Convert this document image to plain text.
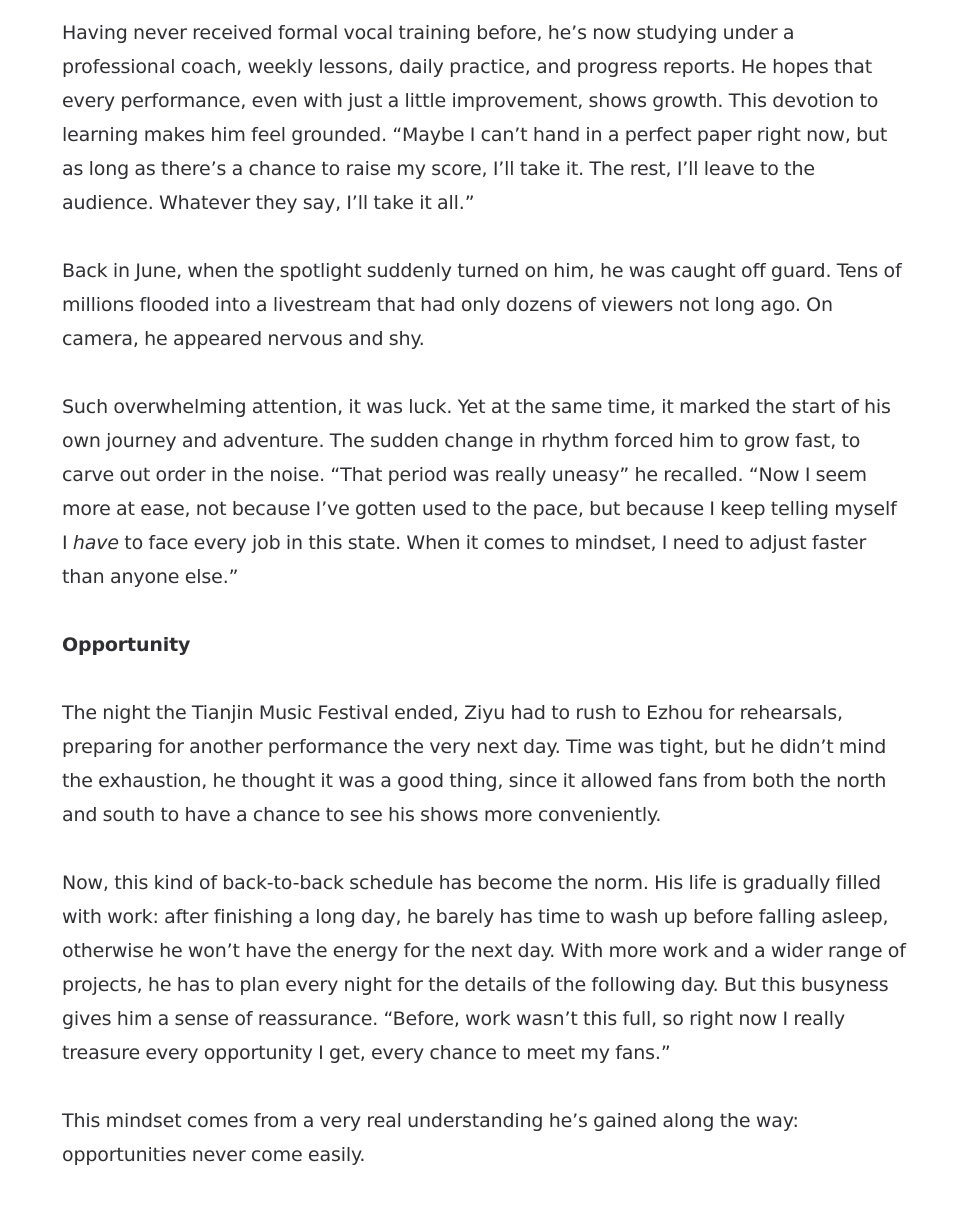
Having never received formal vocal training before, he’s now studying under a professional coach, weekly lessons, daily practice, and progress reports. He hopes that every performance, even with just a little improvement, shows growth. This devotion to learning makes him feel grounded. “Maybe I can’t hand in a perfect paper right now, but as long as there’s a chance to raise my score, I’ll take it. The rest, I’ll leave to the audience. Whatever they say, I’ll take it all.”

Back in June, when the spotlight suddenly turned on him, he was caught off guard. Tens of millions flooded into a livestream that had only dozens of viewers not long ago. On camera, he appeared nervous and shy.

Such overwhelming attention, it was luck. Yet at the same time, it marked the start of his own journey and adventure. The sudden change in rhythm forced him to grow fast, to carve out order in the noise. “That period was really uneasy” he recalled. “Now I seem more at ease, not because I’ve gotten used to the pace, but because I keep telling myself I have to face every job in this state. When it comes to mindset, I need to adjust faster than anyone else.”

Opportunity

The night the Tianjin Music Festival ended, Ziyu had to rush to Ezhou for rehearsals, preparing for another performance the very next day. Time was tight, but he didn’t mind the exhaustion, he thought it was a good thing, since it allowed fans from both the north and south to have a chance to see his shows more conveniently.

Now, this kind of back-to-back schedule has become the norm. His life is gradually filled with work: after finishing a long day, he barely has time to wash up before falling asleep, otherwise he won’t have the energy for the next day. With more work and a wider range of projects, he has to plan every night for the details of the following day. But this busyness gives him a sense of reassurance. “Before, work wasn’t this full, so right now I really treasure every opportunity I get, every chance to meet my fans.”

This mindset comes from a very real understanding he’s gained along the way: opportunities never come easily.
